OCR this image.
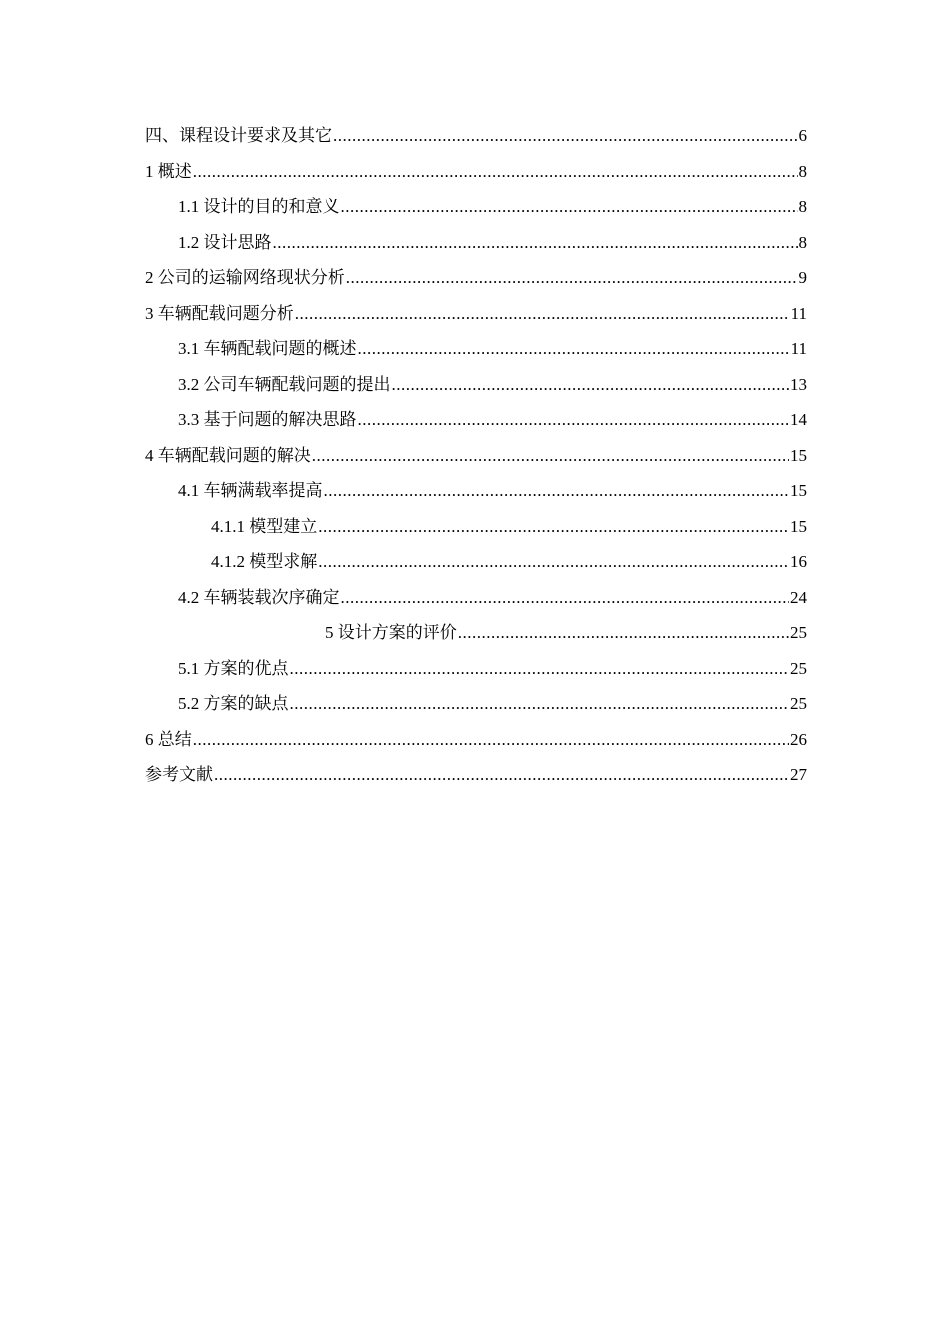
四、课程设计要求及其它 .....	6
1 概述 .....	8
1.1 设计的目的和意义 .....	8
1.2 设计思路 .....	8
2 公司的运输网络现状分析 .....	9
3 车辆配载问题分析 .....	11
3.1 车辆配载问题的概述 .....	11
3.2 公司车辆配载问题的提出 .....	13
3.3 基于问题的解决思路 .....	14
4 车辆配载问题的解决 .....	15
4.1 车辆满载率提高 .....	15
4.1.1 模型建立 .....	15
4.1.2 模型求解 .....	16
4.2 车辆装载次序确定 .....	24
5 设计方案的评价 .....	25
5.1 方案的优点 .....	25
5.2 方案的缺点 .....	25
6 总结 .....	26
参考文献 .....	27
